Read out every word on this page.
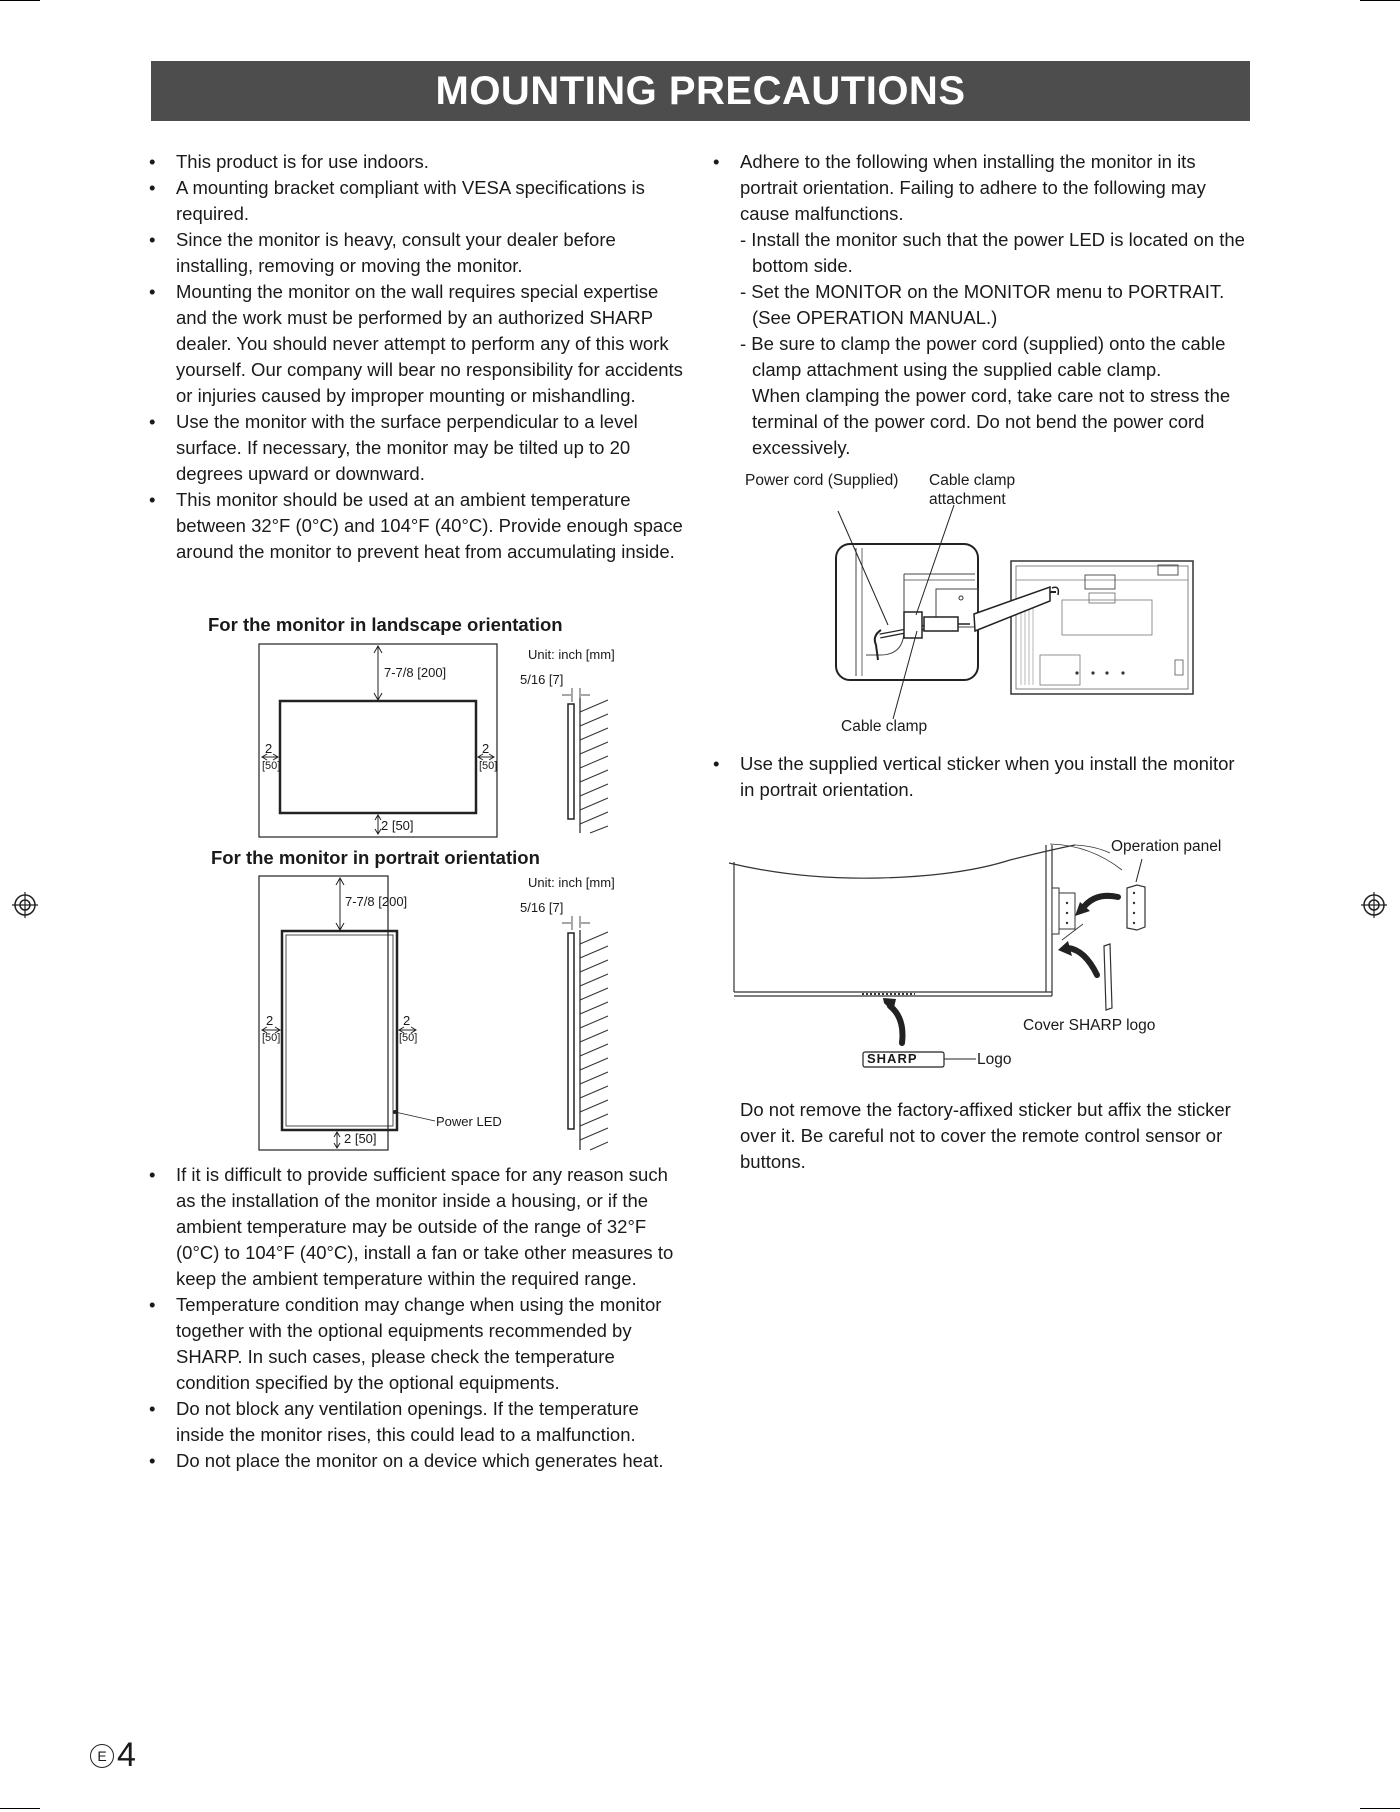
MOUNTING PRECAUTIONS
• This product is for use indoors.
• A mounting bracket compliant with VESA specifications is required.
• Since the monitor is heavy, consult your dealer before installing, removing or moving the monitor.
• Mounting the monitor on the wall requires special expertise and the work must be performed by an authorized SHARP dealer. You should never attempt to perform any of this work yourself. Our company will bear no responsibility for accidents or injuries caused by improper mounting or mishandling.
• Use the monitor with the surface perpendicular to a level surface. If necessary, the monitor may be tilted up to 20 degrees upward or downward.
• This monitor should be used at an ambient temperature between 32°F (0°C) and 104°F (40°C). Provide enough space around the monitor to prevent heat from accumulating inside.
For the monitor in landscape orientation
Unit: inch [mm]
7-7/8 [200]	5/16 [7]
2
[50]
2
[50]
2 [50]
For the monitor in portrait orientation
Unit: inch [mm]
7-7/8 [200]	5/16 [7]
2
[50]
2
[50]
Power LED
2 [50]
• If it is difficult to provide sufficient space for any reason such as the installation of the monitor inside a housing, or if the ambient temperature may be outside of the range of 32°F (0°C) to 104°F (40°C), install a fan or take other measures to keep the ambient temperature within the required range.
• Temperature condition may change when using the monitor together with the optional equipments recommended by SHARP. In such cases, please check the temperature condition specified by the optional equipments.
• Do not block any ventilation openings. If the temperature inside the monitor rises, this could lead to a malfunction.
• Do not place the monitor on a device which generates heat.
• Adhere to the following when installing the monitor in its portrait orientation. Failing to adhere to the following may cause malfunctions.
- Install the monitor such that the power LED is located on the bottom side.
- Set the MONITOR on the MONITOR menu to PORTRAIT. (See OPERATION MANUAL.)
- Be sure to clamp the power cord (supplied) onto the cable clamp attachment using the supplied cable clamp.
When clamping the power cord, take care not to stress the terminal of the power cord. Do not bend the power cord excessively.
Power cord (Supplied) Cable clamp
attachment
Cable clamp
• Use the supplied vertical sticker when you install the monitor in portrait orientation.
Operation panel
Cover SHARP logo
SHARP	Logo
Do not remove the factory-affixed sticker but affix the sticker over it. Be careful not to cover the remote control sensor or buttons.
E 4
